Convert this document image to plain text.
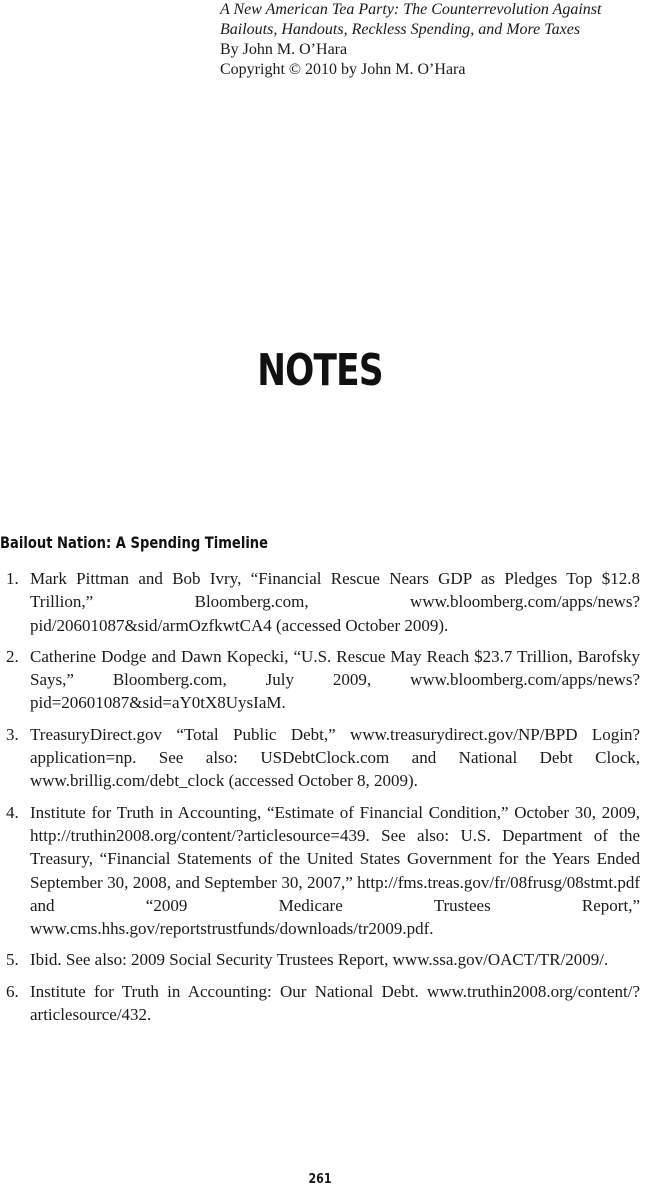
A New American Tea Party: The Counterrevolution Against
Bailouts, Handouts, Reckless Spending, and More Taxes
By John M. O’Hara
Copyright © 2010 by John M. O’Hara
NOTES
Bailout Nation: A Spending Timeline
1. Mark Pittman and Bob Ivry, “Financial Rescue Nears GDP as Pledges Top $12.8 Trillion,” Bloomberg.com, www.bloomberg.com/apps/news?pid/20601087&sid/armOzfkwtCA4 (accessed October 2009).
2. Catherine Dodge and Dawn Kopecki, “U.S. Rescue May Reach $23.7 Trillion, Barofsky Says,” Bloomberg.com, July 2009, www.bloomberg.com/apps/news?pid=20601087&sid=aY0tX8UysIaM.
3. TreasuryDirect.gov “Total Public Debt,” www.treasurydirect.gov/NP/BPD Login?application=np. See also: USDebtClock.com and National Debt Clock, www.brillig.com/debt_clock (accessed October 8, 2009).
4. Institute for Truth in Accounting, “Estimate of Financial Condition,” October 30, 2009, http://truthin2008.org/content/?articlesource=439. See also: U.S. Department of the Treasury, “Financial Statements of the United States Government for the Years Ended September 30, 2008, and September 30, 2007,” http://fms.treas.gov/fr/08frusg/08stmt.pdf and “2009 Medicare Trustees Report,” www.cms.hhs.gov/reportstrustfunds/downloads/tr2009.pdf.
5. Ibid. See also: 2009 Social Security Trustees Report, www.ssa.gov/OACT/TR/2009/.
6. Institute for Truth in Accounting: Our National Debt. www.truthin2008.org/content/?articlesource/432.
261
